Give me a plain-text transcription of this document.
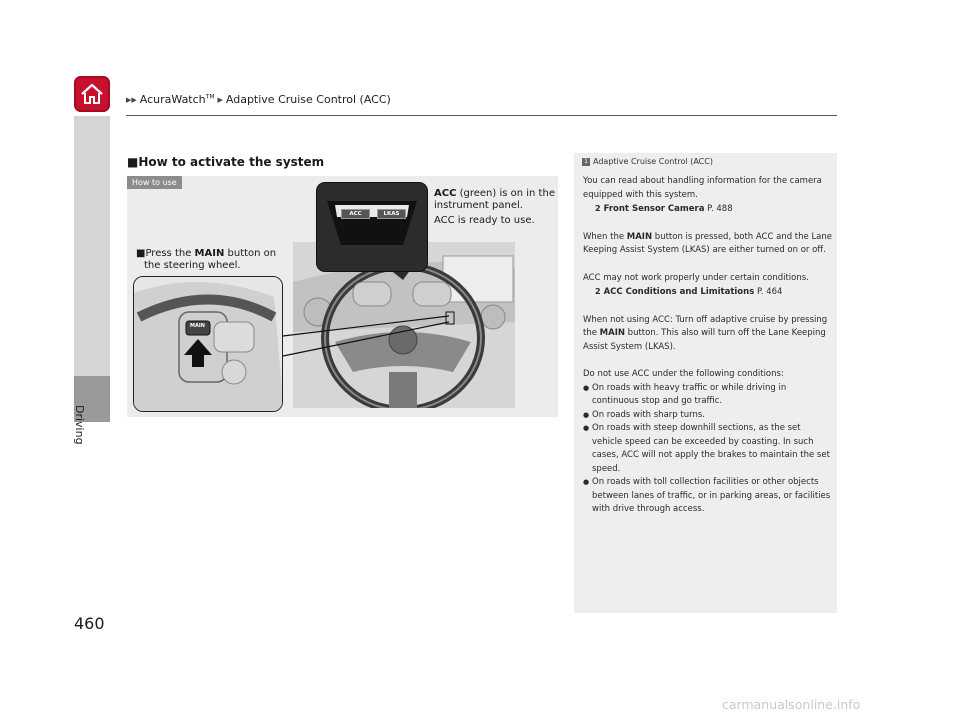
▶▶ AcuraWatch™ ▶ Adaptive Cruise Control (ACC)
Driving
■How to activate the system
How to use
ACC	LKAS
MAIN
■Press the MAIN button on
the steering wheel.
ACC (green) is on in the
instrument panel.
ACC is ready to use.
1 Adaptive Cruise Control (ACC)

You can read about handling information for the camera equipped with this system.
2 Front Sensor Camera P. 488

When the MAIN button is pressed, both ACC and the Lane Keeping Assist System (LKAS) are either turned on or off.

ACC may not work properly under certain conditions.
2 ACC Conditions and Limitations P. 464

When not using ACC: Turn off adaptive cruise by pressing the MAIN button. This also will turn off the Lane Keeping Assist System (LKAS).

Do not use ACC under the following conditions:
● On roads with heavy traffic or while driving in continuous stop and go traffic.
● On roads with sharp turns.
● On roads with steep downhill sections, as the set vehicle speed can be exceeded by coasting. In such cases, ACC will not apply the brakes to maintain the set speed.
● On roads with toll collection facilities or other objects between lanes of traffic, or in parking areas, or facilities with drive through access.
460
carmanualsonline.info
